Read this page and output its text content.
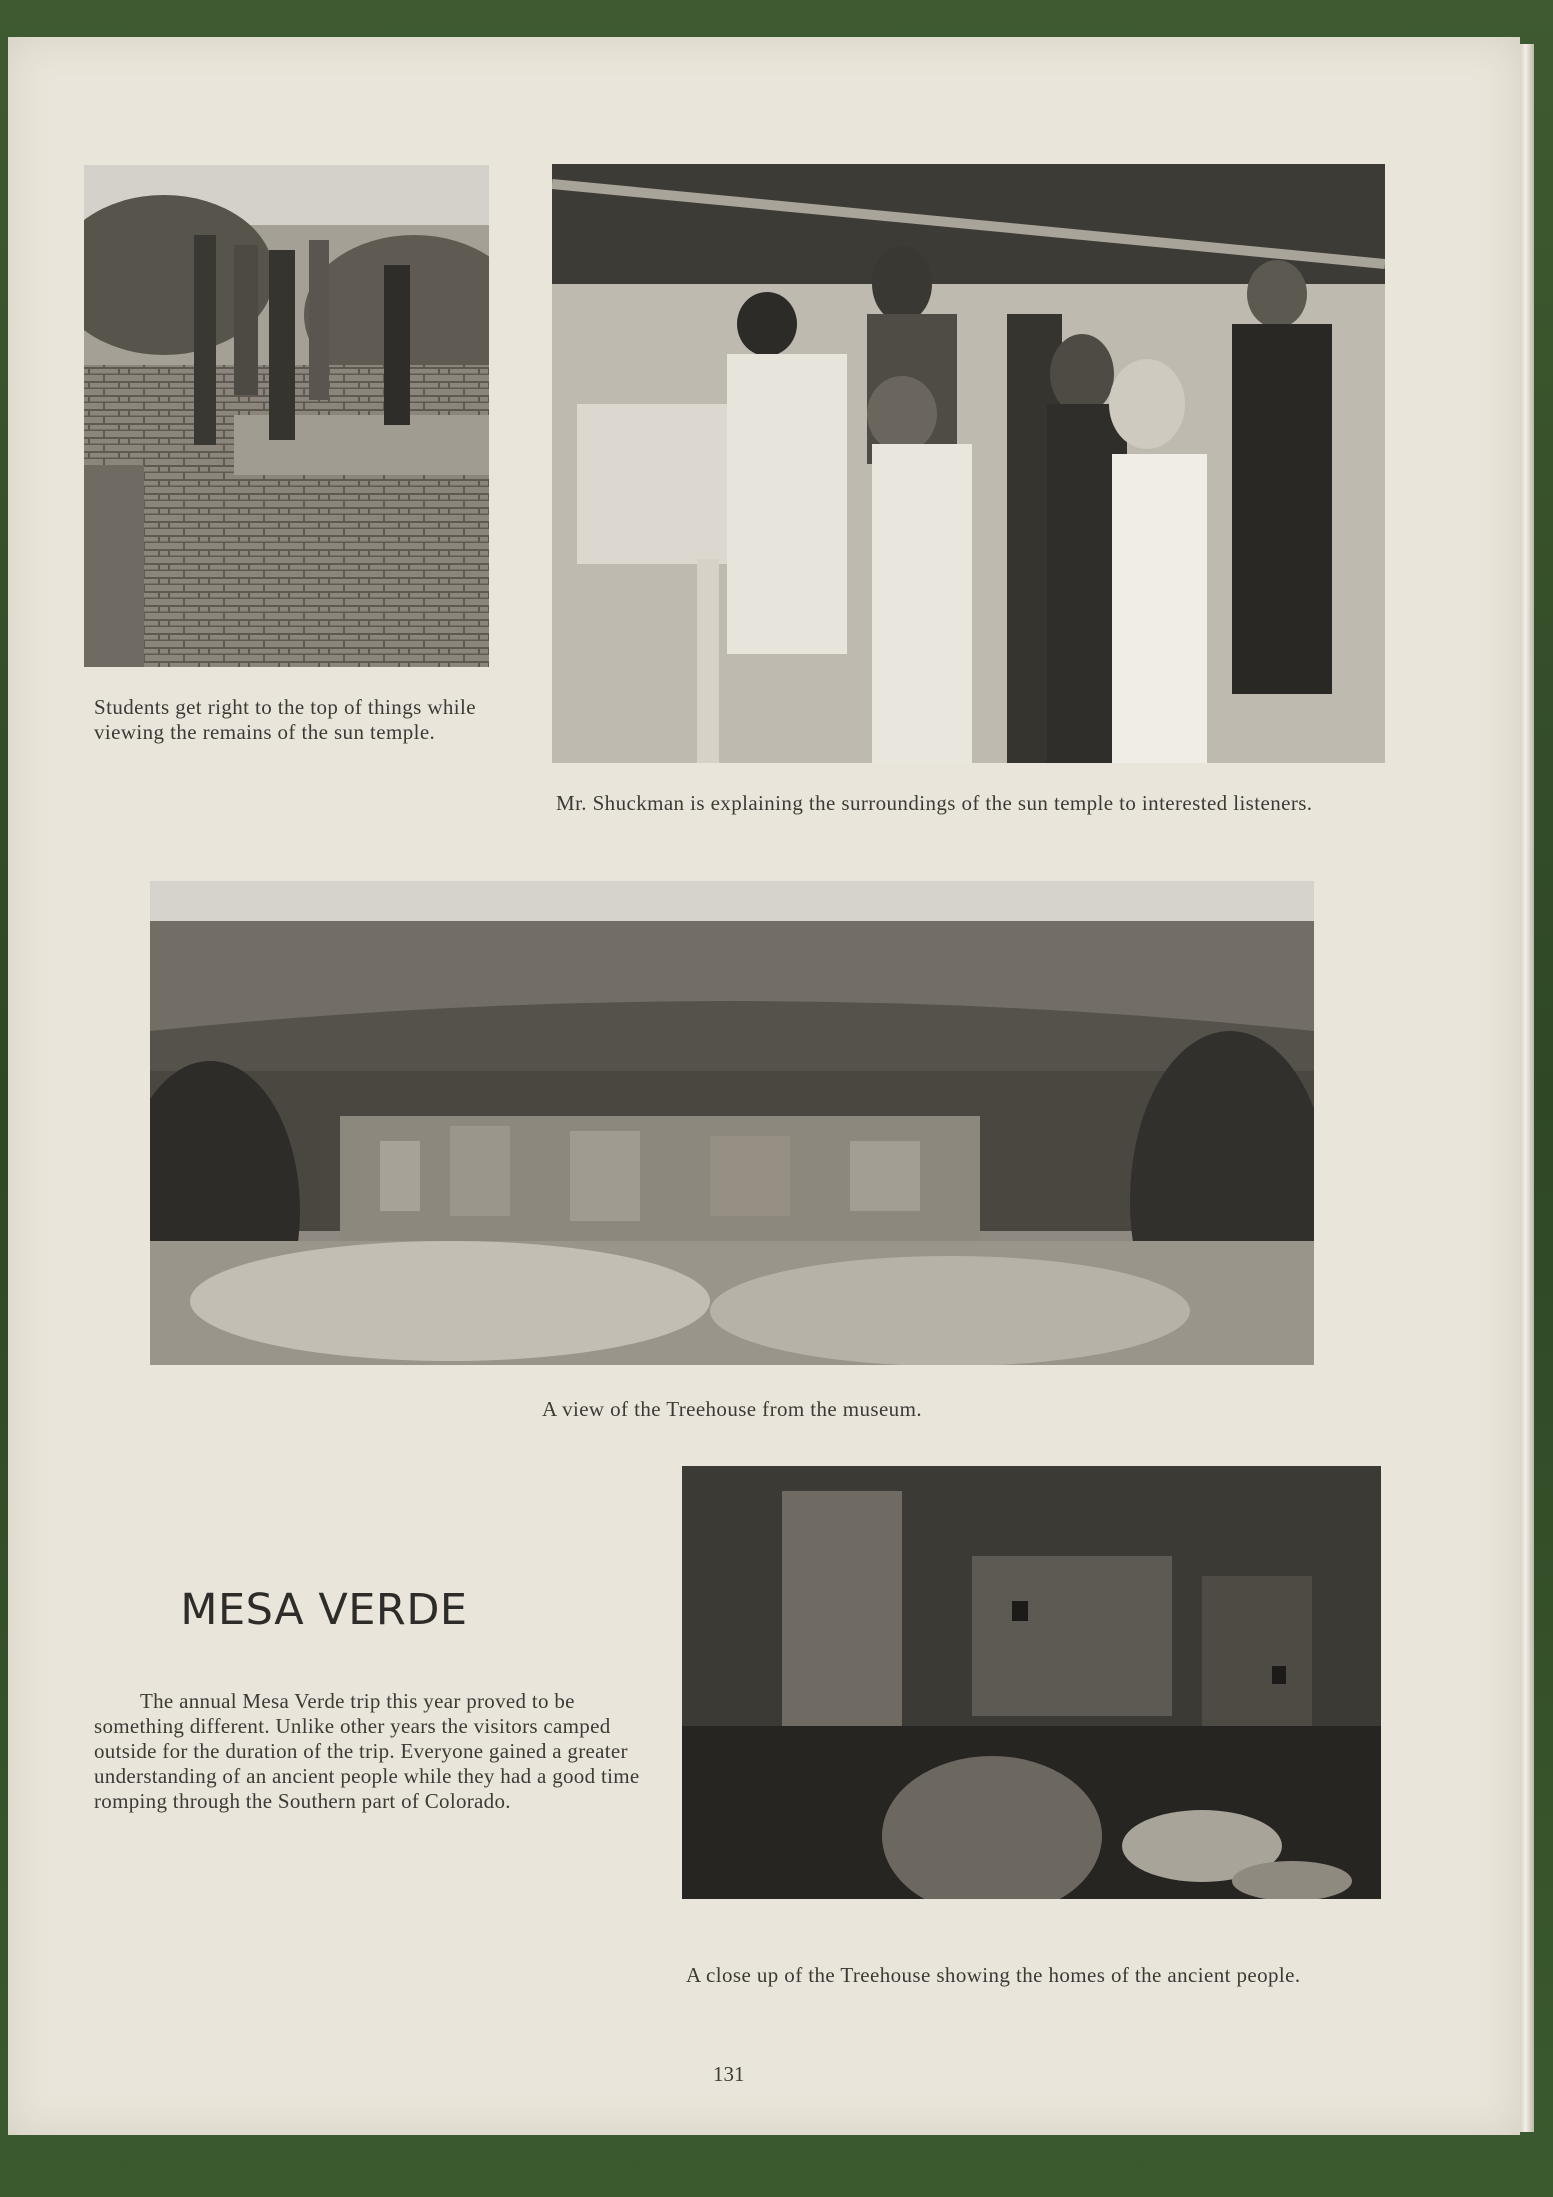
Students get right to the top of things while viewing the remains of the sun temple.

Mr. Shuckman is explaining the surroundings of the sun temple to interested listeners.

A view of the Treehouse from the museum.

MESA VERDE

The annual Mesa Verde trip this year proved to be something different. Unlike other years the visitors camped outside for the duration of the trip. Everyone gained a greater understanding of an ancient people while they had a good time romping through the Southern part of Colorado.

A close up of the Treehouse showing the homes of the ancient people.

131
